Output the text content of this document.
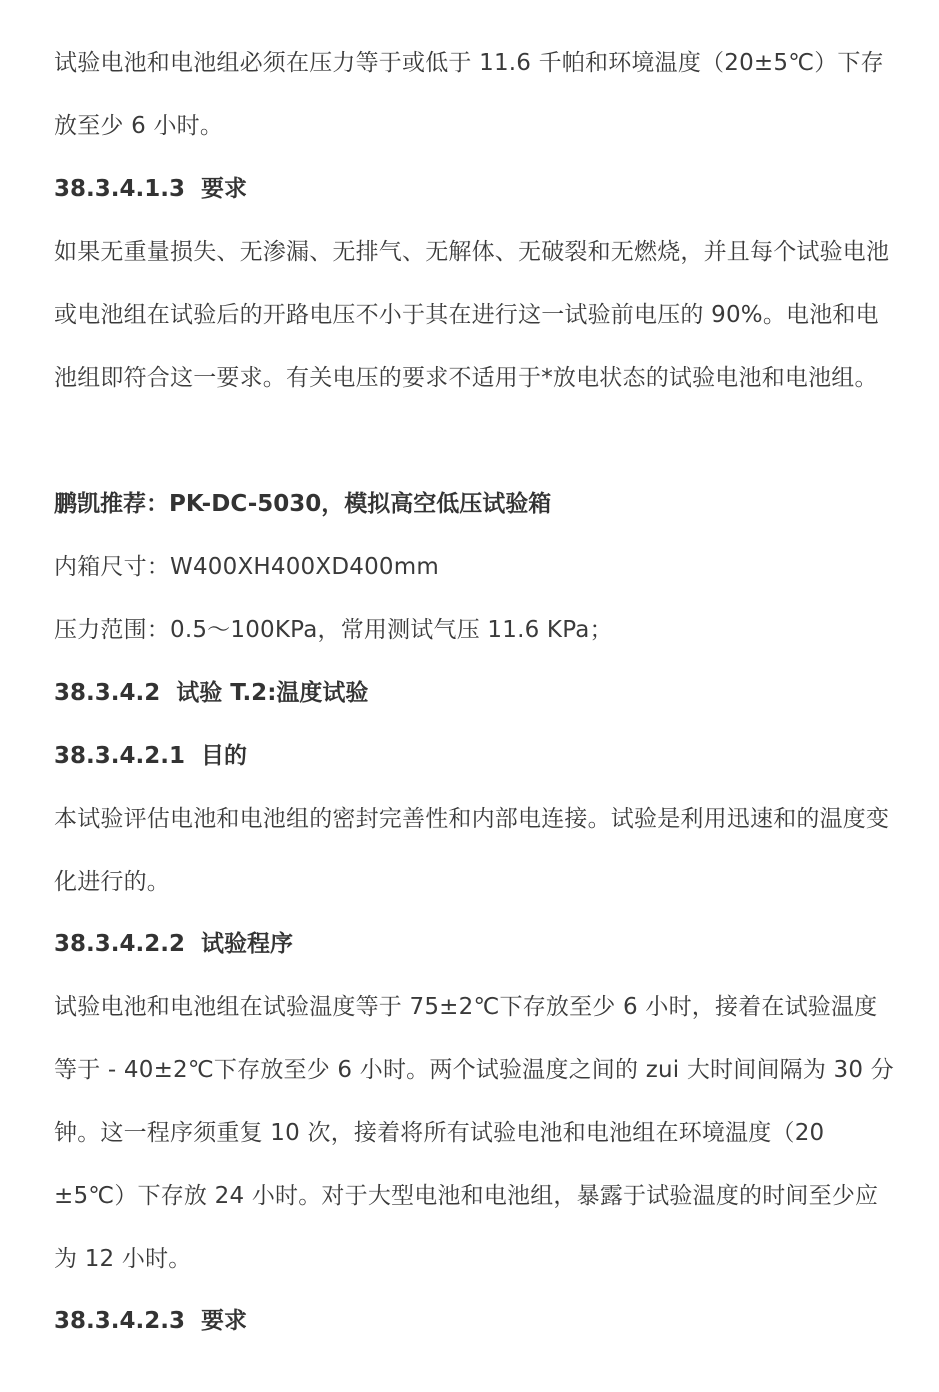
试验电池和电池组必须在压力等于或低于 11.6 千帕和环境温度（20±5℃）下存放至少 6 小时。

38.3.4.1.3  要求

如果无重量损失、无渗漏、无排气、无解体、无破裂和无燃烧，并且每个试验电池或电池组在试验后的开路电压不小于其在进行这一试验前电压的 90%。电池和电池组即符合这一要求。有关电压的要求不适用于*放电状态的试验电池和电池组。

鹏凯推荐：PK-DC-5030，模拟高空低压试验箱

内箱尺寸：W400XH400XD400mm

压力范围：0.5～100KPa，常用测试气压 11.6 KPa；

38.3.4.2  试验 T.2:温度试验
38.3.4.2.1  目的

本试验评估电池和电池组的密封完善性和内部电连接。试验是利用迅速和的温度变化进行的。

38.3.4.2.2  试验程序

试验电池和电池组在试验温度等于 75±2℃下存放至少 6 小时，接着在试验温度等于 - 40±2℃下存放至少 6 小时。两个试验温度之间的 zui 大时间间隔为 30 分钟。这一程序须重复 10 次，接着将所有试验电池和电池组在环境温度（20±5℃）下存放 24 小时。对于大型电池和电池组，暴露于试验温度的时间至少应为 12 小时。

38.3.4.2.3  要求
